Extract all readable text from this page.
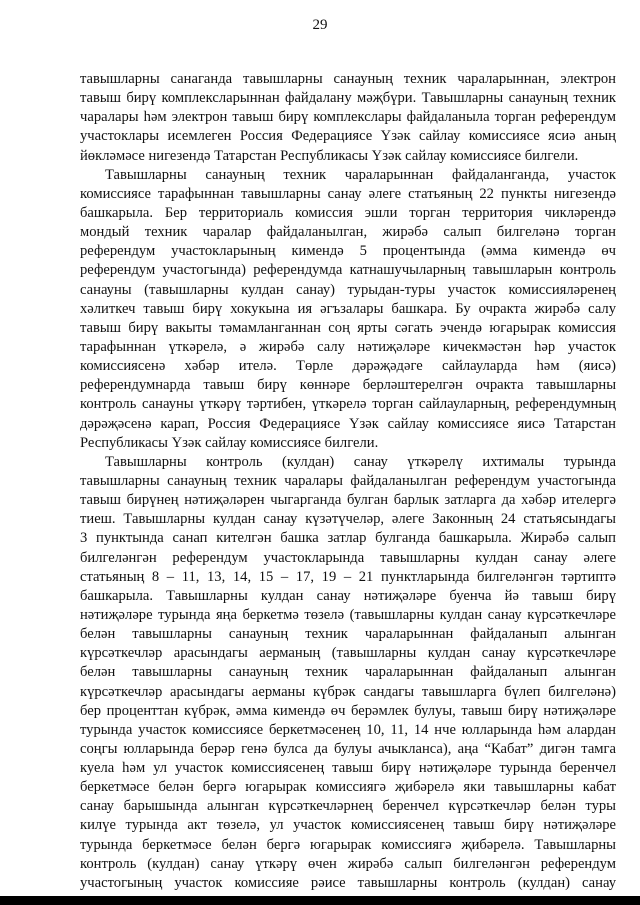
29
тавышларны санаганда тавышларны санауның техник чараларыннан, электрон
тавыш бирү комплексларыннан файдалану мәҗбүри. Тавышларны санауның техник
чаралары һәм электрон тавыш бирү комплекслары файдаланыла торган референдум
участоклары исемлеген Россия Федерациясе Үзәк сайлау комиссиясе ясиә аның
йөкләмәсе нигезендә Татарстан Республикасы Үзәк сайлау комиссиясе билгели.
Тавышларны санауның техник чараларыннан файдаланганда, участок
комиссиясе тарафыннан тавышларны санау әлеге статьяның 22 пункты нигезендә
башкарыла. Бер территориаль комиссия эшли торган территория чикләрендә
мондый техник чаралар файдаланылган, жирәбә салып билгеләнә торган
референдум участокларының кимендә 5 процентында (әмма кимендә өч
референдум участогында) референдумда катнашучыларның тавышларын контроль
санауны (тавышларны кулдан санау) турыдан-туры участок комиссияләренең
хәлиткеч тавыш бирү хокукына ия әгъзалары башкара. Бу очракта жирәбә салу
тавыш бирү вакыты тәмамланганнан соң ярты сәгать эчендә югарырак комиссия
тарафыннан үткәрелә, ә жирәбә салу нәтиҗәләре кичекмәстән һәр участок
комиссиясенә хәбәр ителә. Төрле дәрәҗәдәге сайлауларда һәм (яисә)
референдумнарда тавыш бирү көннәре берләштерелгән очракта тавышларны
контроль санауны үткәрү тәртибен, үткәрелә торган сайлауларның, референдумның
дәрәҗәсенә карап, Россия Федерациясе Үзәк сайлау комиссиясе яисә Татарстан
Республикасы Үзәк сайлау комиссиясе билгели.
Тавышларны контроль (кулдан) санау үткәрелү ихтималы турында
тавышларны санауның техник чаралары файдаланылган референдум участогында
тавыш бирүнең нәтиҗәләрен чыгарганда булган барлык затларга да хәбәр ителергә
тиеш. Тавышларны кулдан санау күзәтүчеләр, әлеге Законның 24 статьясындагы
3 пунктында санап кителгән башка затлар булганда башкарыла. Жирәбә салып
билгеләнгән референдум участокларында тавышларны кулдан санау әлеге
статьяның 8 – 11, 13, 14, 15 – 17, 19 – 21 пунктларында билгеләнгән тәртиптә
башкарыла. Тавышларны кулдан санау нәтиҗәләре буенча йә тавыш бирү
нәтиҗәләре турында яңа беркетмә төзелә (тавышларны кулдан санау күрсәткечләре
белән тавышларны санауның техник чараларыннан файдаланып алынган
күрсәткечләр арасындагы аерманың (тавышларны кулдан санау күрсәткечләре
белән тавышларны санауның техник чараларыннан файдаланып алынган
күрсәткечләр арасындагы аерманы күбрәк сандагы тавышларга бүлеп билгеләнә)
бер проценттан күбрәк, әмма кимендә өч берәмлек булуы, тавыш бирү нәтиҗәләре
турында участок комиссиясе беркетмәсенең 10, 11, 14 нче юлларында һәм алардан
соңгы юлларында берәр генә булса да булуы ачыкланса), аңа “Кабат” дигән тамга
куела һәм ул участок комиссиясенең тавыш бирү нәтиҗәләре турында беренчел
беркетмәсе белән бергә югарырак комиссиягә җибәрелә яки тавышларны кабат
санау барышында алынган күрсәткечләрнең беренчел күрсәткечләр белән туры
килүе турында акт төзелә, ул участок комиссиясенең тавыш бирү нәтиҗәләре
турында беркетмәсе белән бергә югарырак комиссиягә җибәрелә. Тавышларны
контроль (кулдан) санау үткәрү өчен жирәбә салып билгеләнгән референдум
участогының участок комиссияе рәисе тавышларны контроль (кулдан) санау
